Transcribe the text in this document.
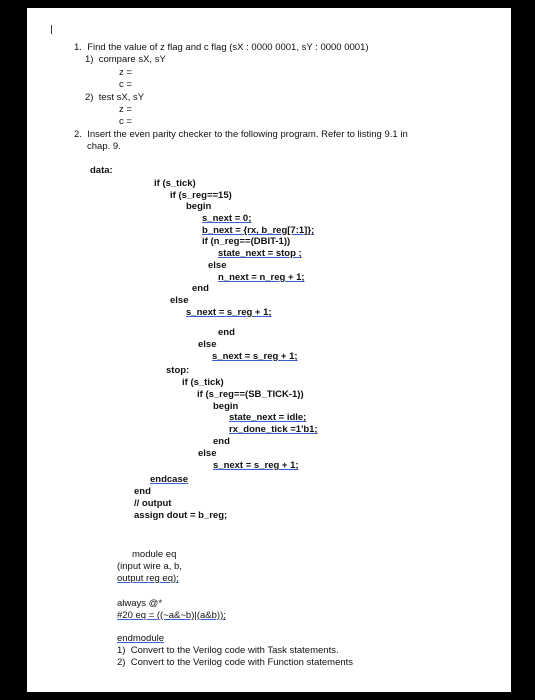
1.  Find the value of z flag and c flag (sX : 0000 0001, sY : 0000 0001)
1)  compare sX, sY
z =
c =
2)  test sX, sY
z =
c =
2.  Insert the even parity checker to the following program. Refer to listing 9.1 in
chap. 9.
data:
if (s_tick)
if (s_reg==15)
begin
s_next = 0;
b_next = {rx, b_reg[7:1]};
if (n_reg==(DBIT-1))
state_next = stop ;
else
n_next = n_reg + 1;
end
else
s_next = s_reg + 1;
end
else
s_next = s_reg + 1;
stop:
if (s_tick)
if (s_reg==(SB_TICK-1))
begin
state_next = idle;
rx_done_tick =1'b1;
end
else
s_next = s_reg + 1;
endcase
end
// output
assign dout = b_reg;
module eq
(input wire a, b,
output reg eq);
always @*
#20 eq = ((~a&~b)|(a&b));
endmodule
1)  Convert to the Verilog code with Task statements.
2)  Convert to the Verilog code with Function statements
